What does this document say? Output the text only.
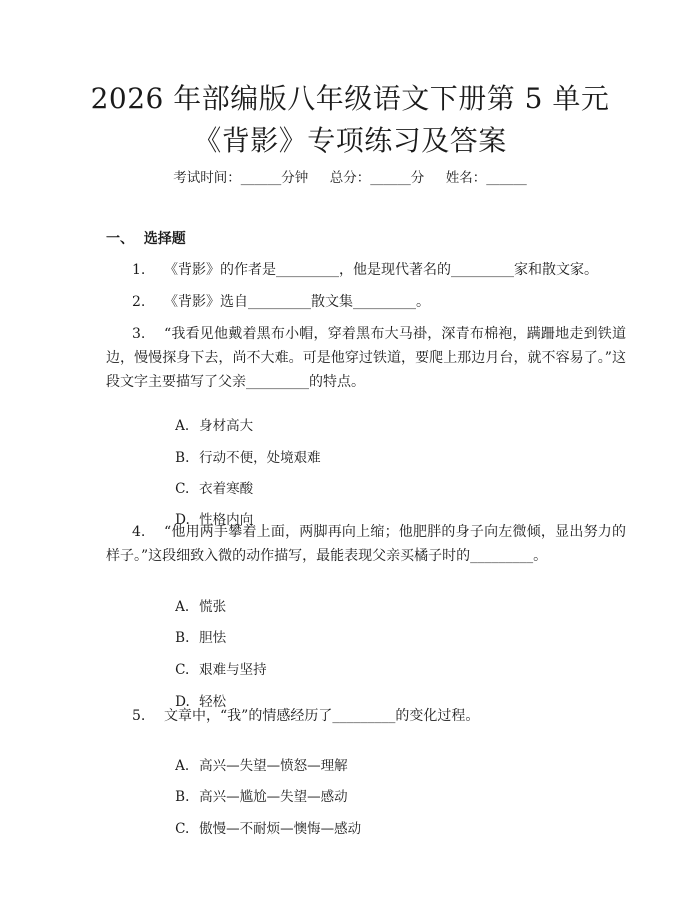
2026 年部编版八年级语文下册第 5 单元《背影》专项练习及答案
考试时间：______分钟     总分：______分     姓名：______
一、  选择题
1. 《背影》的作者是_________，他是现代著名的_________家和散文家。
2. 《背影》选自_________散文集_________。
3. “我看见他戴着黑布小帽，穿着黑布大马褂，深青布棉袍，蹒跚地走到铁道边，慢慢探身下去，尚不大难。可是他穿过铁道，要爬上那边月台，就不容易了。”这段文字主要描写了父亲_________的特点。

A. 身材高大

B. 行动不便，处境艰难

C. 衣着寒酸

D. 性格内向

4. “他用两手攀着上面，两脚再向上缩；他肥胖的身子向左微倾，显出努力的样子。”这段细致入微的动作描写，最能表现父亲买橘子时的_________。

A. 慌张

B. 胆怯

C. 艰难与坚持

D. 轻松

5. 文章中，“我”的情感经历了_________的变化过程。

A. 高兴—失望—愤怒—理解

B. 高兴—尴尬—失望—感动

C. 傲慢—不耐烦—懊悔—感动
